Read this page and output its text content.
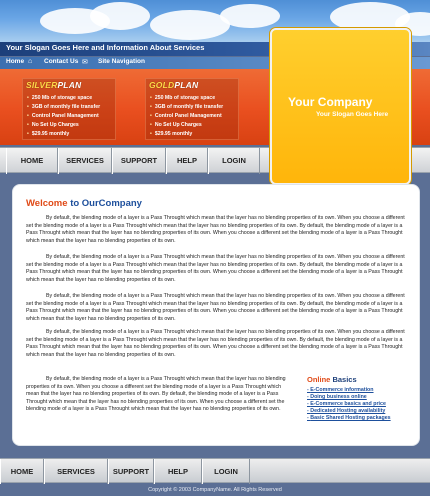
Your Slogan Goes Here and Information About Services
Home ⌂ Contact Us ✉ Site Navigation
SILVERPLAN
• 250 Mb of storage space
• 3GB of monthly file transfer
• Control Panel Management
• No Set Up Charges
• $29.95 monthly
GOLDPLAN
• 250 Mb of storage space
• 3GB of monthly file transfer
• Control Panel Management
• No Set Up Charges
• $29.95 monthly
HOME	SERVICES	SUPPORT	HELP	LOGIN
Your Company
Your Slogan Goes Here
Welcome to OurCompany

By default, the blending mode of a layer is a Pass Throught which mean that the layer has no blending properties of its own. When you choose a different set the blending mode of a layer is a Pass Throught which mean that the layer has no blending properties of its own. By default, the blending mode of a layer is a Pass Throught which mean that the layer has no blending properties of its own. When you choose a different set the blending mode of a layer is a Pass Throught which mean that the layer has no blending properties of its own.

By default, the blending mode of a layer is a Pass Throught which mean that the layer has no blending properties of its own. When you choose a different set the blending mode of a layer is a Pass Throught which mean that the layer has no blending properties of its own. By default, the blending mode of a layer is a Pass Throught which mean that the layer has no blending properties of its own. When you choose a different set the blending mode of a layer is a Pass Throught which mean that the layer has no blending properties of its own.

By default, the blending mode of a layer is a Pass Throught which mean that the layer has no blending properties of its own. When you choose a different set the blending mode of a layer is a Pass Throught which mean that the layer has no blending properties of its own. By default, the blending mode of a layer is a Pass Throught which mean that the layer has no blending properties of its own. When you choose a different set the blending mode of a layer is a Pass Throught which mean that the layer has no blending properties of its own.

By default, the blending mode of a layer is a Pass Throught which mean that the layer has no blending properties of its own. When you choose a different set the blending mode of a layer is a Pass Throught which mean that the layer has no blending properties of its own. By default, the blending mode of a layer is a Pass Throught which mean that the layer has no blending properties of its own. When you choose a different set the blending mode of a layer is a Pass Throught which mean that the layer has no blending properties of its own.

By default, the blending mode of a layer is a Pass Throught which mean that the layer has no blending properties of its own. When you choose a different set the blending mode of a layer is a Pass Throught which mean that the layer has no blending properties of its own. By default, the blending mode of a layer is a Pass Throught which mean that the layer has no blending properties of its own. When you choose a different set the blending mode of a layer is a Pass Throught which mean that the layer has no blending properties of its own.

Online Basics
- E-Commerce information
- Doing business online
- E-Commerce basics and price
- Dedicated Hosting availability
- Basic Shared Hosting packages
HOME	SERVICES	SUPPORT	HELP	LOGIN
Copyright © 2003 CompanyName. All Rights Reserved
